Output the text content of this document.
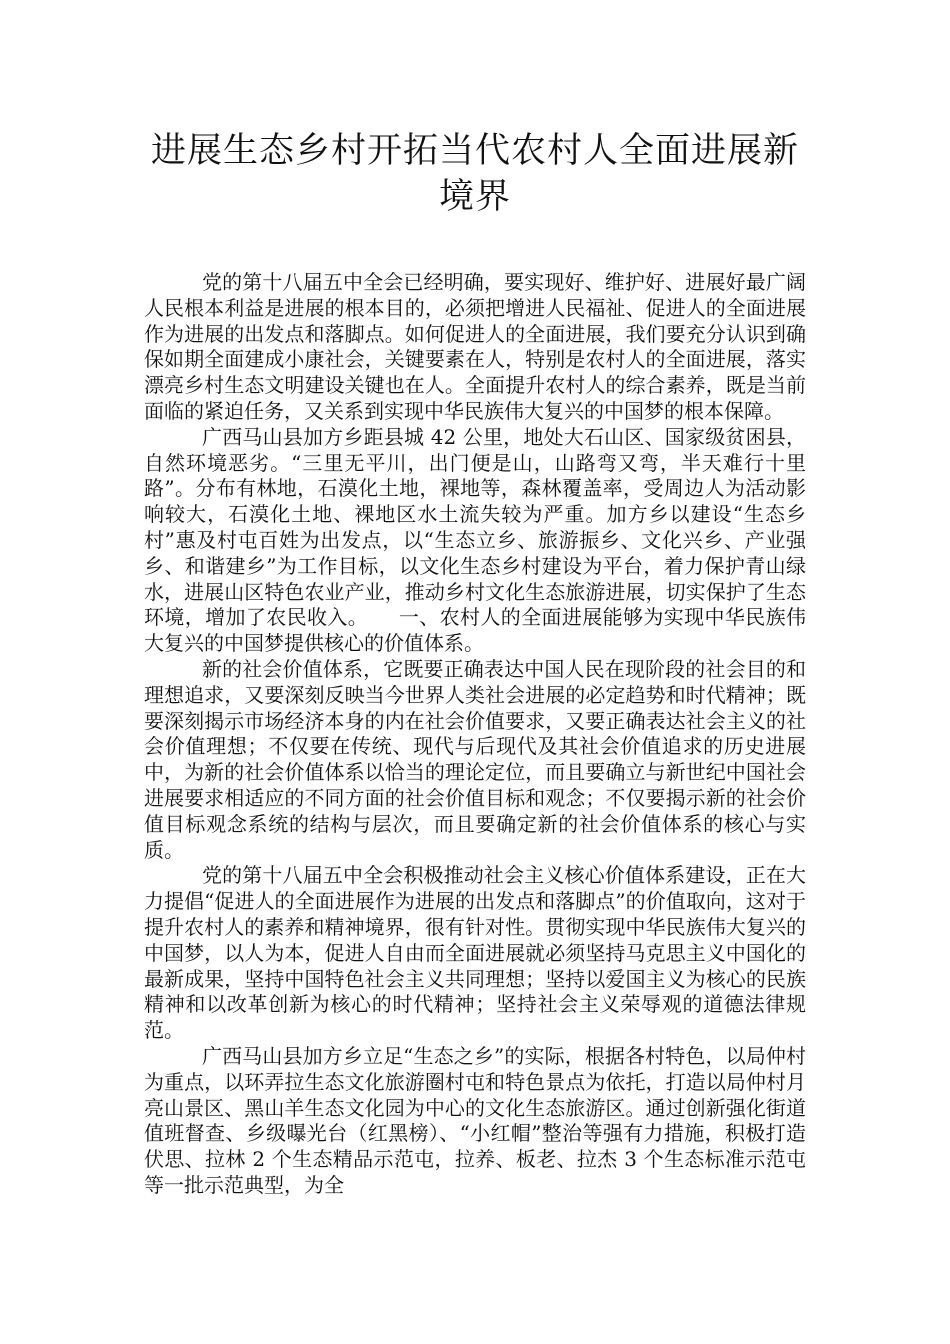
进展生态乡村开拓当代农村人全面进展新
境界

党的第十八届五中全会已经明确，要实现好、维护好、进展好最广阔人民根本利益是进展的根本目的，必须把增进人民福祉、促进人的全面进展作为进展的出发点和落脚点。如何促进人的全面进展，我们要充分认识到确保如期全面建成小康社会，关键要素在人，特别是农村人的全面进展，落实漂亮乡村生态文明建设关键也在人。全面提升农村人的综合素养，既是当前面临的紧迫任务，又关系到实现中华民族伟大复兴的中国梦的根本保障。

广西马山县加方乡距县城 42 公里，地处大石山区、国家级贫困县，自然环境恶劣。“三里无平川，出门便是山，山路弯又弯，半天难行十里路”。分布有林地，石漠化土地，裸地等，森林覆盖率，受周边人为活动影响较大，石漠化土地、裸地区水土流失较为严重。加方乡以建设“生态乡村”惠及村屯百姓为出发点，以“生态立乡、旅游振乡、文化兴乡、产业强乡、和谐建乡”为工作目标，以文化生态乡村建设为平台，着力保护青山绿水，进展山区特色农业产业，推动乡村文化生态旅游进展，切实保护了生态环境，增加了农民收入。　　一、农村人的全面进展能够为实现中华民族伟大复兴的中国梦提供核心的价值体系。

新的社会价值体系，它既要正确表达中国人民在现阶段的社会目的和理想追求，又要深刻反映当今世界人类社会进展的必定趋势和时代精神；既要深刻揭示市场经济本身的内在社会价值要求，又要正确表达社会主义的社会价值理想；不仅要在传统、现代与后现代及其社会价值追求的历史进展中，为新的社会价值体系以恰当的理论定位，而且要确立与新世纪中国社会进展要求相适应的不同方面的社会价值目标和观念；不仅要揭示新的社会价值目标观念系统的结构与层次，而且要确定新的社会价值体系的核心与实质。

党的第十八届五中全会积极推动社会主义核心价值体系建设，正在大力提倡“促进人的全面进展作为进展的出发点和落脚点”的价值取向，这对于提升农村人的素养和精神境界，很有针对性。贯彻实现中华民族伟大复兴的中国梦，以人为本，促进人自由而全面进展就必须坚持马克思主义中国化的最新成果，坚持中国特色社会主义共同理想；坚持以爱国主义为核心的民族精神和以改革创新为核心的时代精神；坚持社会主义荣辱观的道德法律规范。

广西马山县加方乡立足“生态之乡”的实际，根据各村特色，以局仲村为重点，以环弄拉生态文化旅游圈村屯和特色景点为依托，打造以局仲村月亮山景区、黑山羊生态文化园为中心的文化生态旅游区。通过创新强化街道值班督查、乡级曝光台（红黑榜）、“小红帽”整治等强有力措施，积极打造伏思、拉林 2 个生态精品示范屯，拉养、板老、拉杰 3 个生态标准示范屯等一批示范典型，为全
